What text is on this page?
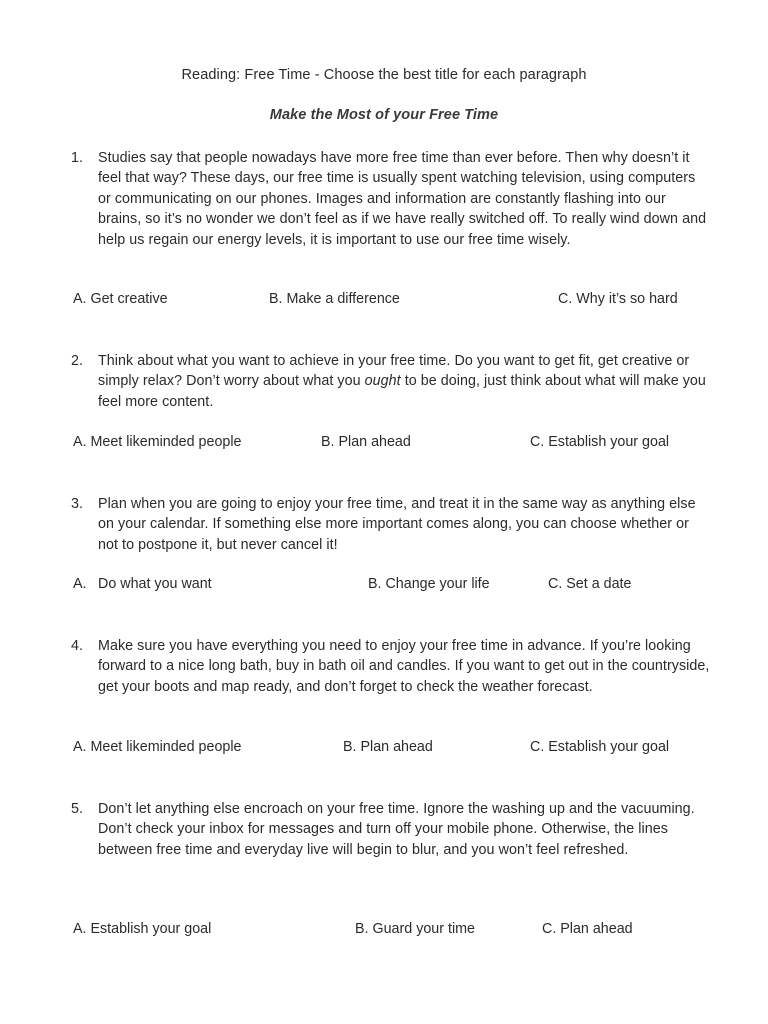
Reading: Free Time - Choose the best title for each paragraph
Make the Most of your Free Time
1. Studies say that people nowadays have more free time than ever before. Then why doesn’t it feel that way? These days, our free time is usually spent watching television, using computers or communicating on our phones. Images and information are constantly flashing into our brains, so it’s no wonder we don’t feel as if we have really switched off. To really wind down and help us regain our energy levels, it is important to use our free time wisely.
A. Get creative	B. Make a difference	C. Why it’s so hard
2. Think about what you want to achieve in your free time. Do you want to get fit, get creative or simply relax? Don’t worry about what you ought to be doing, just think about what will make you feel more content.
A. Meet likeminded people	B. Plan ahead	C. Establish your goal
3. Plan when you are going to enjoy your free time, and treat it in the same way as anything else on your calendar. If something else more important comes along, you can choose whether or not to postpone it, but never cancel it!
A. Do what you want	B. Change your life	C. Set a date
4. Make sure you have everything you need to enjoy your free time in advance. If you’re looking forward to a nice long bath, buy in bath oil and candles. If you want to get out in the countryside, get your boots and map ready, and don’t forget to check the weather forecast.
A. Meet likeminded people	B. Plan ahead	C. Establish your goal
5. Don’t let anything else encroach on your free time. Ignore the washing up and the vacuuming. Don’t check your inbox for messages and turn off your mobile phone. Otherwise, the lines between free time and everyday live will begin to blur, and you won’t feel refreshed.
A. Establish your goal	B. Guard your time	C. Plan ahead
